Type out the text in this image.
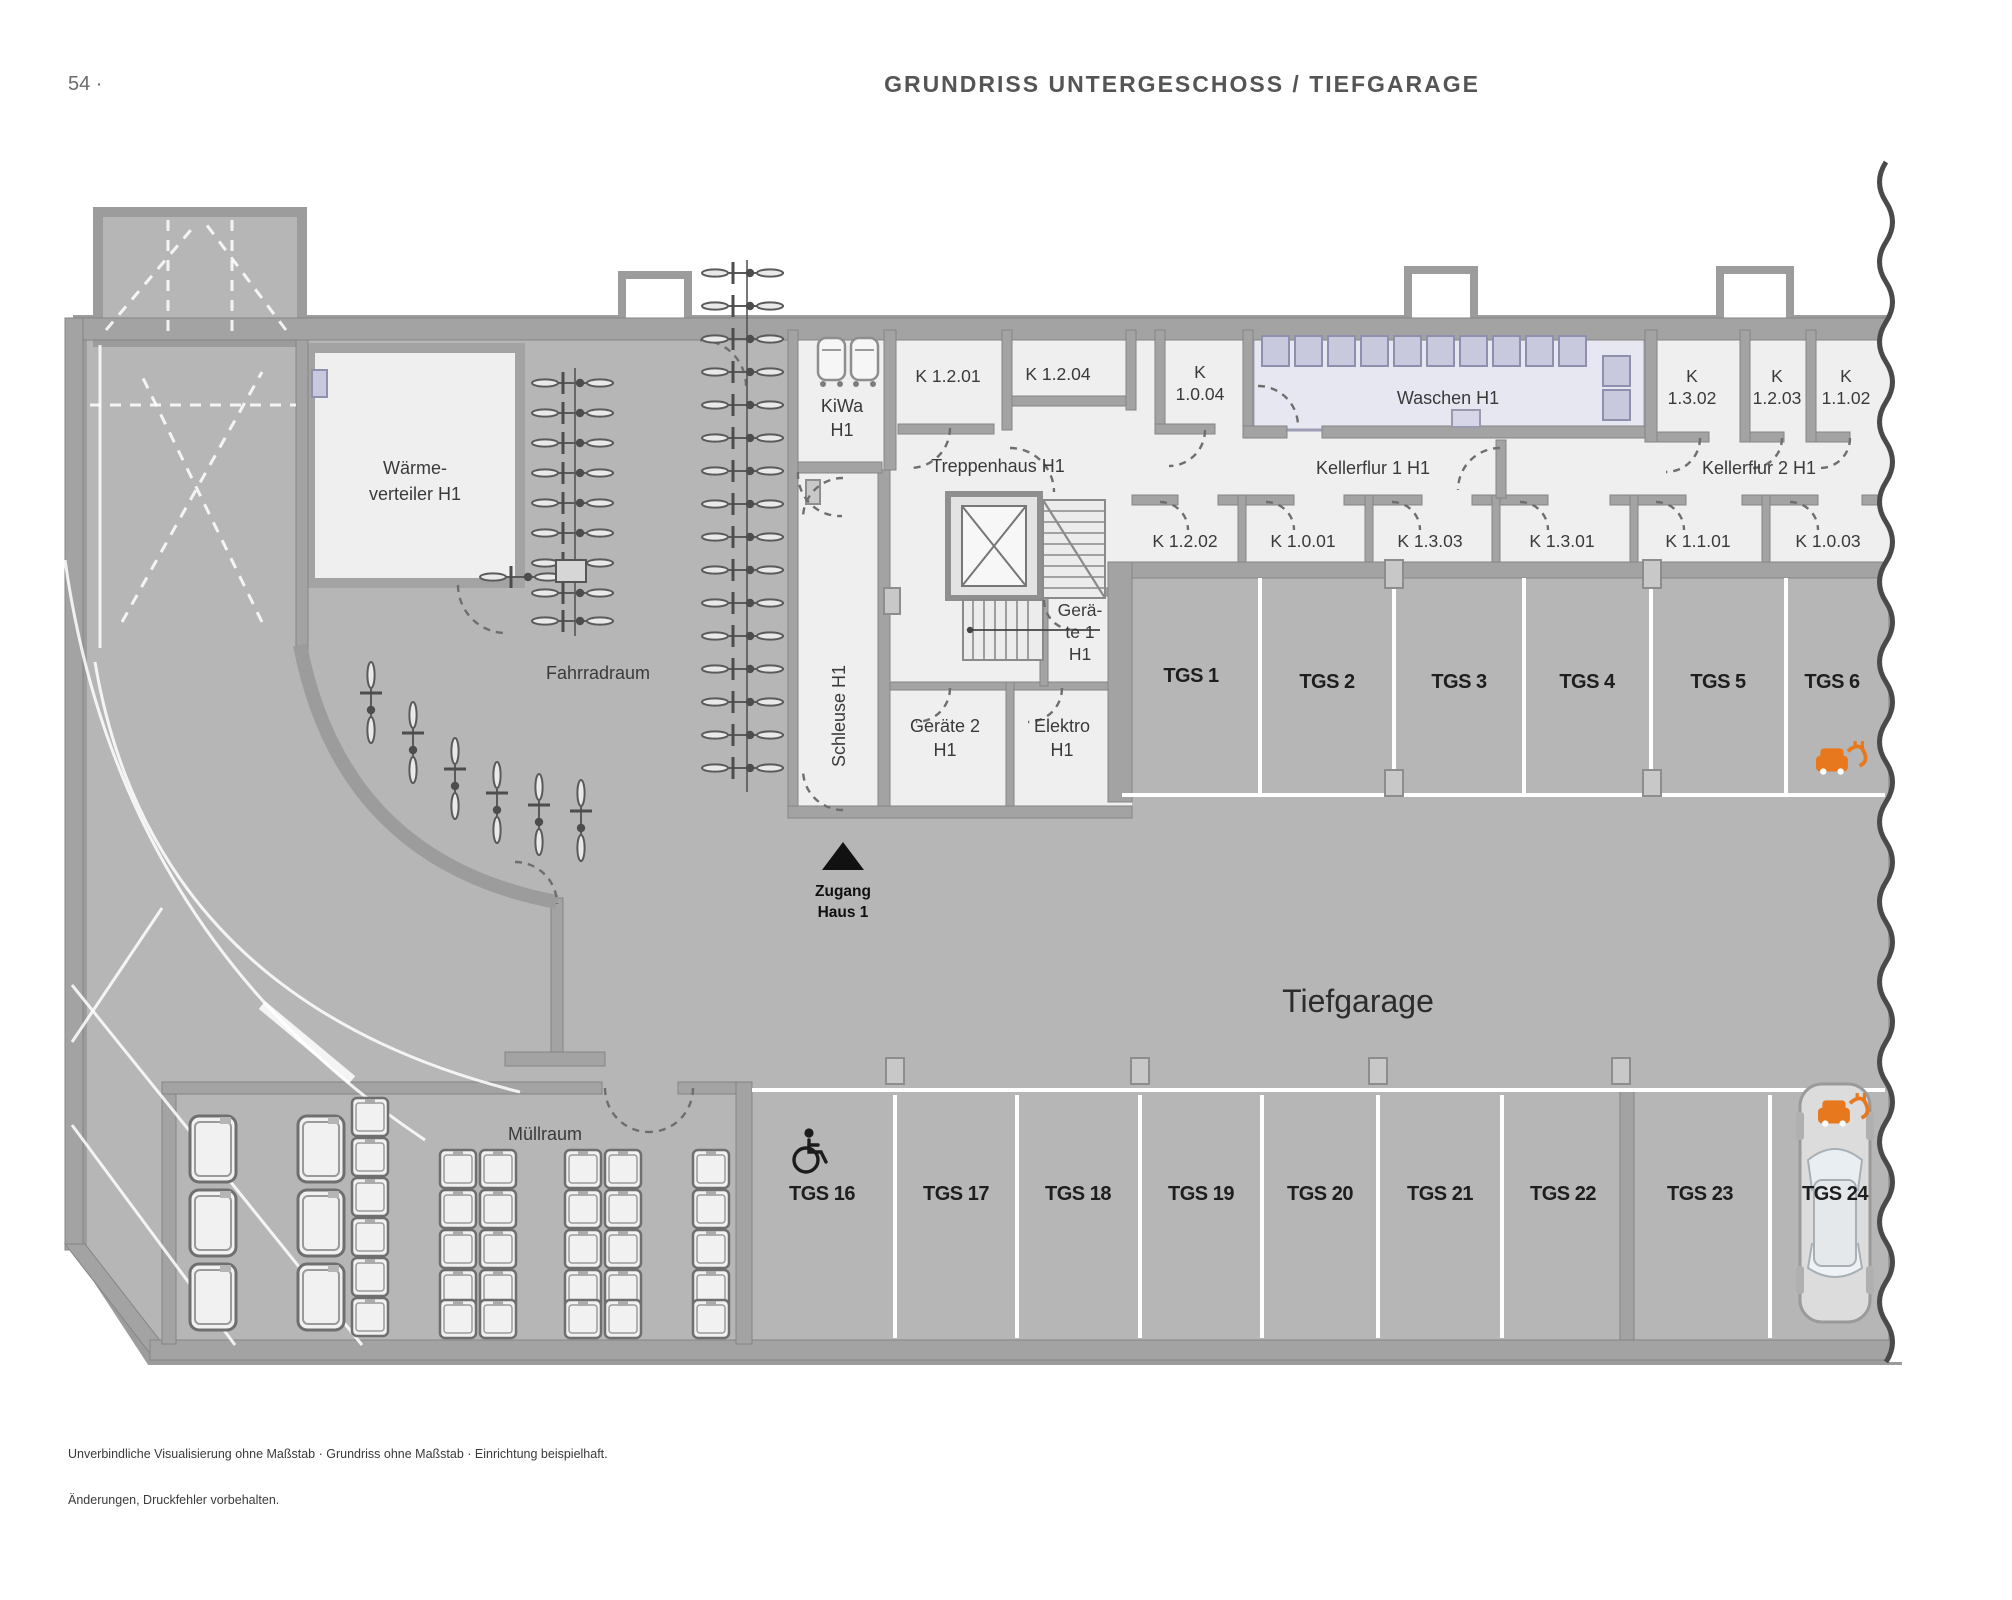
Wärme-
verteiler H1
Fahrradraum
KiWa
H1
K 1.2.01	K 1.2.04
Treppenhaus H1
K
1.0.04	Waschen H1
Kellerflur 1 H1	Kellerflur 2 H1
K
1.3.02
K
1.2.03
K
1.1.02
K 1.2.02	K 1.0.01	K 1.3.03	K 1.3.01	K 1.1.01	K 1.0.03
Gerä-
te 1
H1
Schleuse H1	Geräte 2
H1
Elektro
H1
Müllraum
Tiefgarage
Zugang
Haus 1
TGS 1	TGS 2	TGS 3	TGS 4	TGS 5	TGS 6
TGS 16	TGS 17	TGS 18	TGS 19	TGS 20	TGS 21	TGS 22	TGS 23	TGS 24
54 ·	GRUNDRISS UNTERGESCHOSS / TIEFGARAGE
Unverbindliche Visualisierung ohne Maßstab · Grundriss ohne Maßstab · Einrichtung beispielhaft.
Änderungen, Druckfehler vorbehalten.
